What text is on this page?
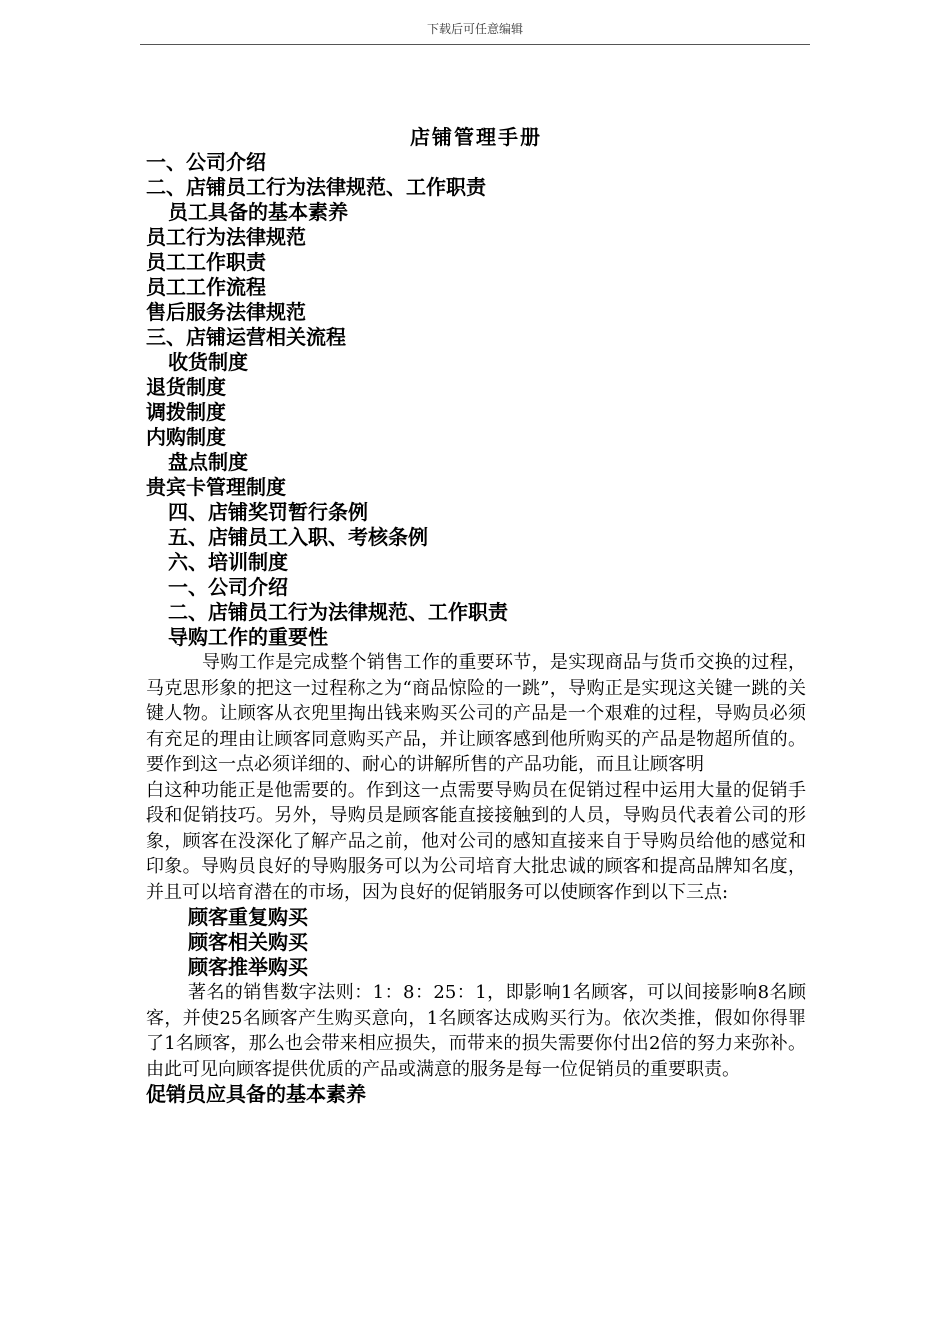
下载后可任意编辑
店铺管理手册
一、公司介绍
二、店铺员工行为法律规范、工作职责
员工具备的基本素养
员工行为法律规范
员工工作职责
员工工作流程
售后服务法律规范
三、店铺运营相关流程
收货制度
退货制度
调拨制度
内购制度
盘点制度
贵宾卡管理制度
四、店铺奖罚暂行条例
五、店铺员工入职、考核条例
六、培训制度
一、公司介绍
二、店铺员工行为法律规范、工作职责
导购工作的重要性

导购工作是完成整个销售工作的重要环节，是实现商品与货币交换的过程，马克思形象的把这一过程称之为“商品惊险的一跳”，导购正是实现这关键一跳的关键人物。让顾客从衣兜里掏出钱来购买公司的产品是一个艰难的过程，导购员必须有充足的理由让顾客同意购买产品，并让顾客感到他所购买的产品是物超所值的。要作到这一点必须详细的、耐心的讲解所售的产品功能，而且让顾客明

白这种功能正是他需要的。作到这一点需要导购员在促销过程中运用大量的促销手段和促销技巧。另外，导购员是顾客能直接接触到的人员，导购员代表着公司的形象，顾客在没深化了解产品之前，他对公司的感知直接来自于导购员给他的感觉和印象。导购员良好的导购服务可以为公司培育大批忠诚的顾客和提高品牌知名度，并且可以培育潜在的市场，因为良好的促销服务可以使顾客作到以下三点:

顾客重复购买
顾客相关购买
顾客推举购买

著名的销售数字法则：1：8：25：1，即影响1名顾客，可以间接影响8名顾客，并使25名顾客产生购买意向，1名顾客达成购买行为。依次类推，假如你得罪了1名顾客，那么也会带来相应损失，而带来的损失需要你付出2倍的努力来弥补。由此可见向顾客提供优质的产品或满意的服务是每一位促销员的重要职责。

促销员应具备的基本素养
